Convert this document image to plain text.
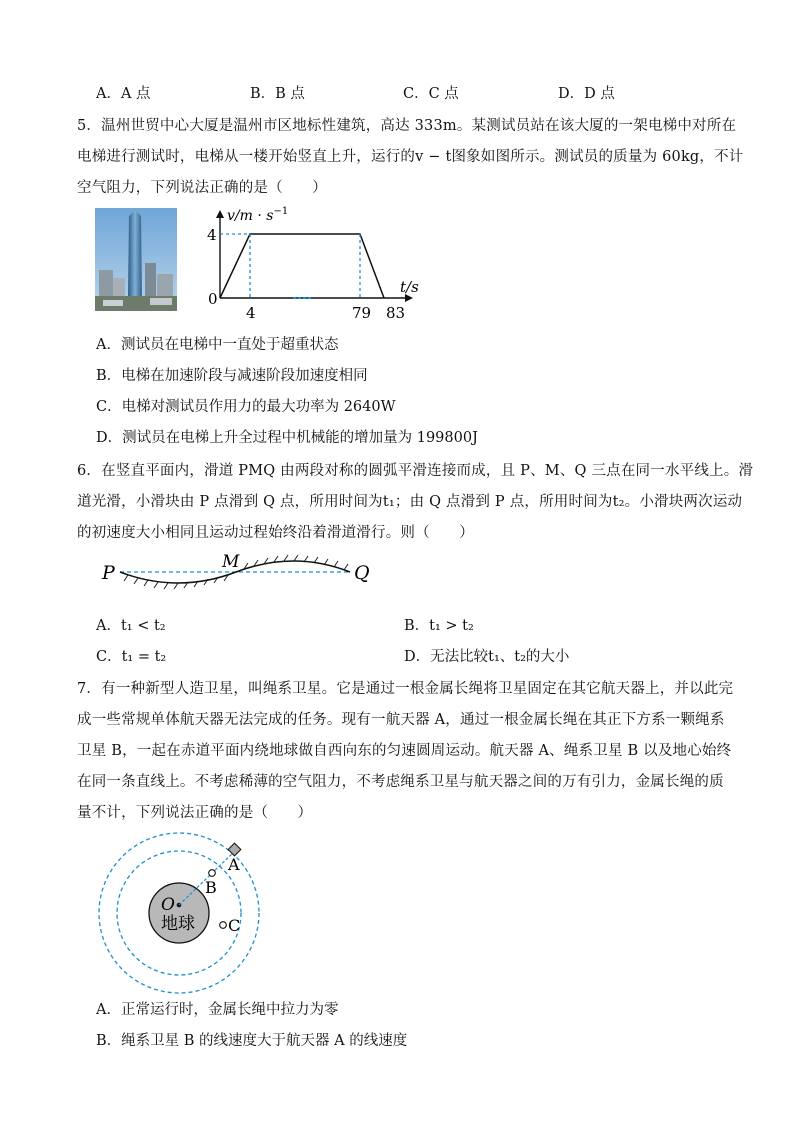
A．A 点	B．B 点	C．C 点	D．D 点
5．温州世贸中心大厦是温州市区地标性建筑，高达 333m。某测试员站在该大厦的一架电梯中对所在
电梯进行测试时，电梯从一楼开始竖直上升，运行的v − t图象如图所示。测试员的质量为 60kg，不计
空气阻力，下列说法正确的是（　　）
$v/m \cdot s^{-1}$
4
0
4	79 83
t/s
A．测试员在电梯中一直处于超重状态
B．电梯在加速阶段与减速阶段加速度相同
C．电梯对测试员作用力的最大功率为 2640W
D．测试员在电梯上升全过程中机械能的增加量为 199800J
6．在竖直平面内，滑道 PMQ 由两段对称的圆弧平滑连接而成，且 P、M、Q 三点在同一水平线上。滑
道光滑，小滑块由 P 点滑到 Q 点，所用时间为t₁；由 Q 点滑到 P 点，所用时间为t₂。小滑块两次运动
的初速度大小相同且运动过程始终沿着滑道滑行。则（　　）
P	M	Q
A．t₁ < t₂	B．t₁ > t₂
C．t₁ = t₂	D．无法比较t₁、t₂的大小
7．有一种新型人造卫星，叫绳系卫星。它是通过一根金属长绳将卫星固定在其它航天器上，并以此完
成一些常规单体航天器无法完成的任务。现有一航天器 A，通过一根金属长绳在其正下方系一颗绳系
卫星 B，一起在赤道平面内绕地球做自西向东的匀速圆周运动。航天器 A、绳系卫星 B 以及地心始终
在同一条直线上。不考虑稀薄的空气阻力，不考虑绳系卫星与航天器之间的万有引力，金属长绳的质
量不计，下列说法正确的是（　　）
A
B
C
O
地球
A．正常运行时，金属长绳中拉力为零
B．绳系卫星 B 的线速度大于航天器 A 的线速度
